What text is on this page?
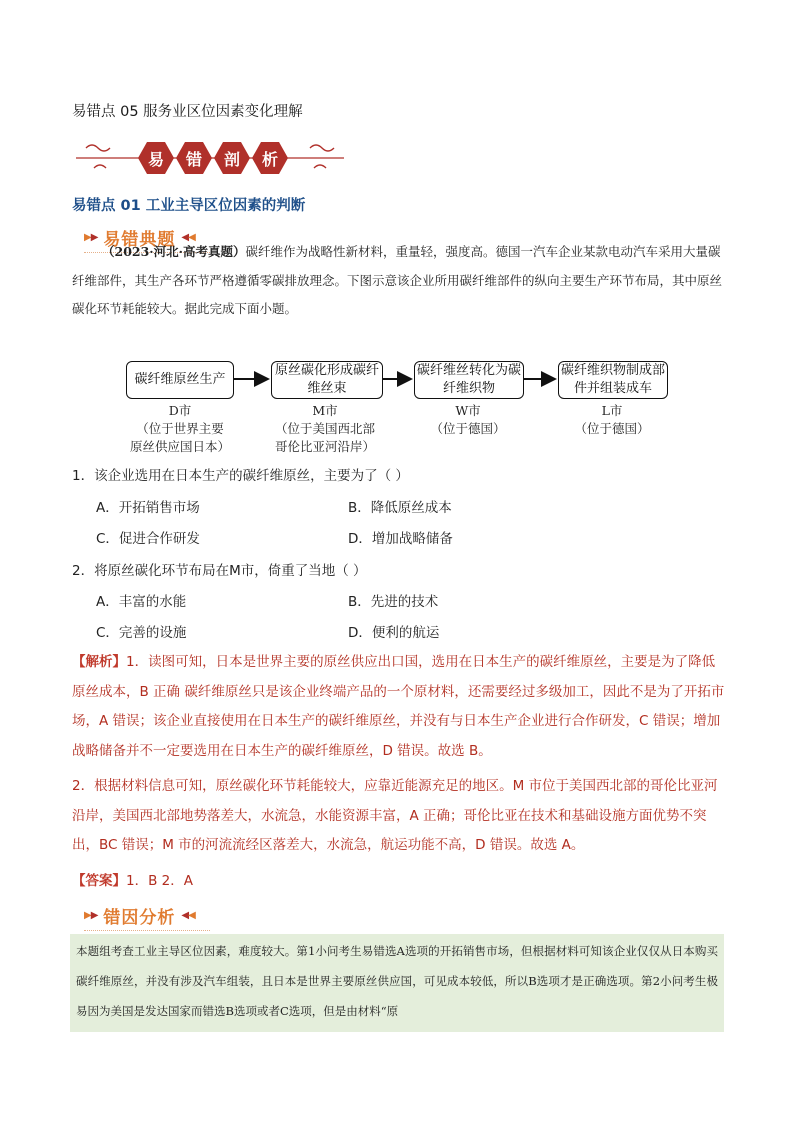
易错点 05 服务业区位因素变化理解
易	错	剖	析
易错点 01 工业主导区位因素的判断
▶ ▶ 易错典题 ◀ ◀
（2023·河北·高考真题）碳纤维作为战略性新材料，重量轻，强度高。德国一汽车企业某款电动汽车采用大量碳纤维部件，其生产各环节严格遵循零碳排放理念。下图示意该企业所用碳纤维部件的纵向主要生产环节布局，其中原丝碳化环节耗能较大。据此完成下面小题。
碳纤维原丝生产
原丝碳化形成碳纤维丝束
碳纤维丝转化为碳纤维织物
碳纤维织物制成部件并组装成车
D市
（位于世界主要
原丝供应国日本）
M市
（位于美国西北部
哥伦比亚河沿岸）
W市
（位于德国）
L市
（位于德国）
1．该企业选用在日本生产的碳纤维原丝，主要为了（ ）
A．开拓销售市场	B．降低原丝成本
C．促进合作研发	D．增加战略储备
2．将原丝碳化环节布局在M市，倚重了当地（ ）
A．丰富的水能	B．先进的技术
C．完善的设施	D．便利的航运
【解析】1．读图可知，日本是世界主要的原丝供应出口国，选用在日本生产的碳纤维原丝，主要是为了降低原丝成本，B 正确 碳纤维原丝只是该企业终端产品的一个原材料，还需要经过多级加工，因此不是为了开拓市场，A 错误；该企业直接使用在日本生产的碳纤维原丝，并没有与日本生产企业进行合作研发，C 错误；增加战略储备并不一定要选用在日本生产的碳纤维原丝，D 错误。故选 B。
2．根据材料信息可知，原丝碳化环节耗能较大，应靠近能源充足的地区。M 市位于美国西北部的哥伦比亚河沿岸，美国西北部地势落差大，水流急，水能资源丰富，A 正确；哥伦比亚在技术和基础设施方面优势不突出，BC 错误；M 市的河流流经区落差大，水流急，航运功能不高，D 错误。故选 A。
【答案】1．B 2．A
▶ ▶ 错因分析 ◀ ◀

本题组考查工业主导区位因素，难度较大。第1小问考生易错选A选项的开拓销售市场，但根据材料可知该企业仅仅从日本购买碳纤维原丝，并没有涉及汽车组装，且日本是世界主要原丝供应国，可见成本较低，所以B选项才是正确选项。第2小问考生极易因为美国是发达国家而错选B选项或者C选项，但是由材料“原
